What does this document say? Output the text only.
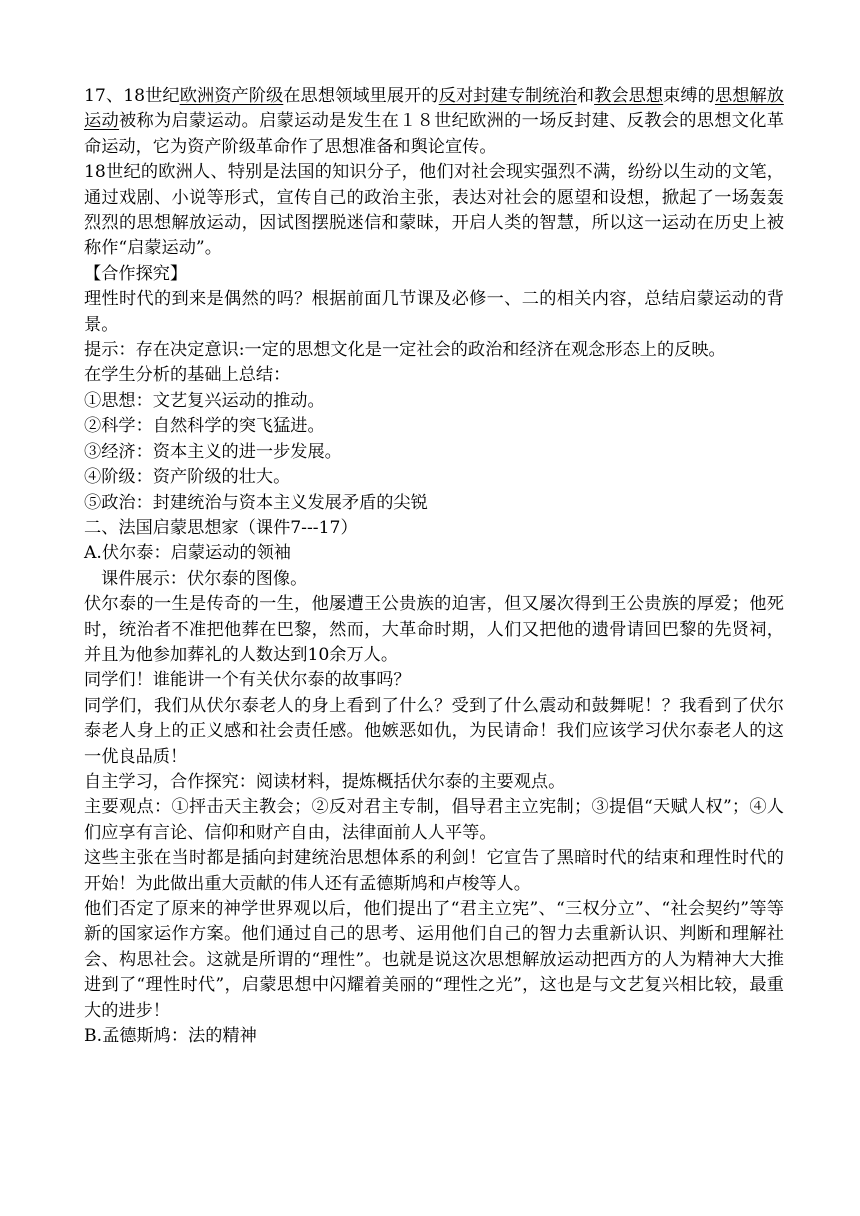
17、18世纪欧洲资产阶级在思想领域里展开的反对封建专制统治和教会思想束缚的思想解放运动被称为启蒙运动。启蒙运动是发生在１８世纪欧洲的一场反封建、反教会的思想文化革命运动，它为资产阶级革命作了思想准备和舆论宣传。

18世纪的欧洲人、特别是法国的知识分子，他们对社会现实强烈不满，纷纷以生动的文笔，通过戏剧、小说等形式，宣传自己的政治主张，表达对社会的愿望和设想，掀起了一场轰轰烈烈的思想解放运动，因试图摆脱迷信和蒙昧，开启人类的智慧，所以这一运动在历史上被称作“启蒙运动”。

【合作探究】

理性时代的到来是偶然的吗？根据前面几节课及必修一、二的相关内容，总结启蒙运动的背景。

提示：存在决定意识:一定的思想文化是一定社会的政治和经济在观念形态上的反映。

在学生分析的基础上总结：

①思想：文艺复兴运动的推动。

②科学：自然科学的突飞猛进。

③经济：资本主义的进一步发展。

④阶级：资产阶级的壮大。

⑤政治：封建统治与资本主义发展矛盾的尖锐

二、法国启蒙思想家（课件7---17）

A.伏尔泰：启蒙运动的领袖

课件展示：伏尔泰的图像。

伏尔泰的一生是传奇的一生，他屡遭王公贵族的迫害，但又屡次得到王公贵族的厚爱；他死时，统治者不准把他葬在巴黎，然而，大革命时期，人们又把他的遗骨请回巴黎的先贤祠，并且为他参加葬礼的人数达到10余万人。

同学们！谁能讲一个有关伏尔泰的故事吗？

同学们，我们从伏尔泰老人的身上看到了什么？受到了什么震动和鼓舞呢！？我看到了伏尔泰老人身上的正义感和社会责任感。他嫉恶如仇，为民请命！我们应该学习伏尔泰老人的这一优良品质！

自主学习，合作探究：阅读材料，提炼概括伏尔泰的主要观点。

主要观点：①抨击天主教会；②反对君主专制，倡导君主立宪制；③提倡“天赋人权”；④人们应享有言论、信仰和财产自由，法律面前人人平等。

这些主张在当时都是插向封建统治思想体系的利剑！它宣告了黑暗时代的结束和理性时代的开始！为此做出重大贡献的伟人还有孟德斯鸠和卢梭等人。

他们否定了原来的神学世界观以后，他们提出了“君主立宪”、“三权分立”、“社会契约”等等新的国家运作方案。他们通过自己的思考、运用他们自己的智力去重新认识、判断和理解社会、构思社会。这就是所谓的“理性”。也就是说这次思想解放运动把西方的人为精神大大推进到了“理性时代”，启蒙思想中闪耀着美丽的“理性之光”，这也是与文艺复兴相比较，最重大的进步！

B.孟德斯鸠：法的精神
